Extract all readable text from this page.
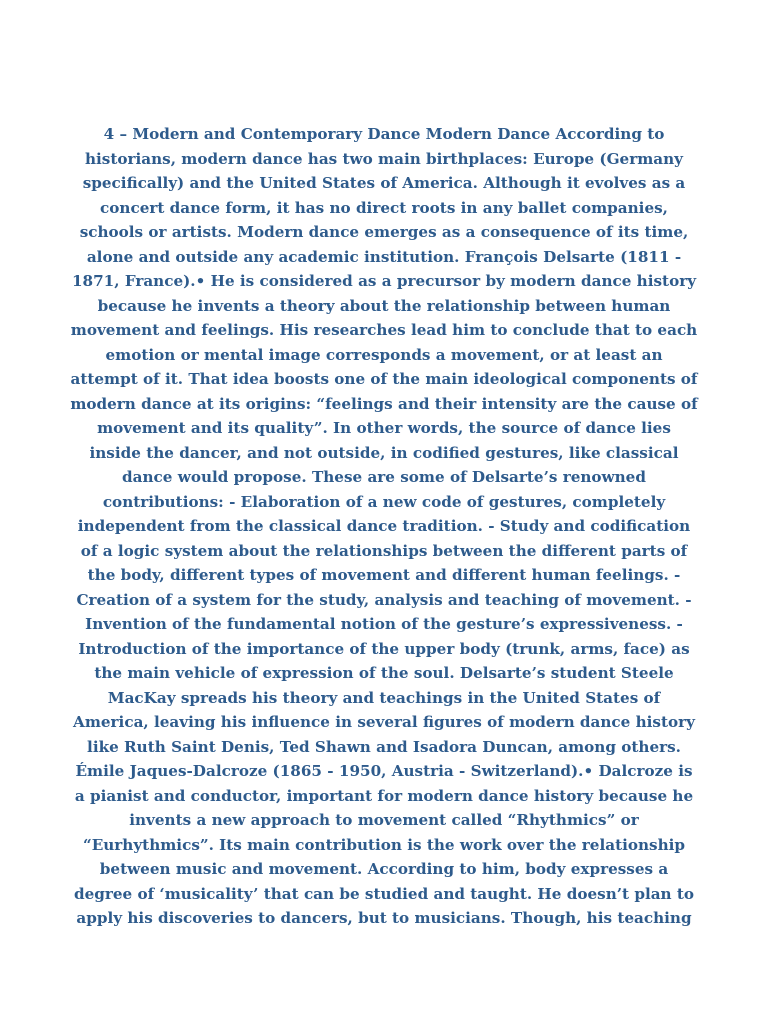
4 – Modern and Contemporary Dance Modern Dance According to
historians, modern dance has two main birthplaces: Europe (Germany
specifically) and the United States of America. Although it evolves as a
concert dance form, it has no direct roots in any ballet companies,
schools or artists. Modern dance emerges as a consequence of its time,
alone and outside any academic institution. François Delsarte (1811 -
1871, France).• He is considered as a precursor by modern dance history
because he invents a theory about the relationship between human
movement and feelings. His researches lead him to conclude that to each
emotion or mental image corresponds a movement, or at least an
attempt of it. That idea boosts one of the main ideological components of
modern dance at its origins: “feelings and their intensity are the cause of
movement and its quality”. In other words, the source of dance lies
inside the dancer, and not outside, in codified gestures, like classical
dance would propose. These are some of Delsarte’s renowned
contributions: - Elaboration of a new code of gestures, completely
independent from the classical dance tradition. - Study and codification
of a logic system about the relationships between the different parts of
the body, different types of movement and different human feelings. -
Creation of a system for the study, analysis and teaching of movement. -
Invention of the fundamental notion of the gesture’s expressiveness. -
Introduction of the importance of the upper body (trunk, arms, face) as
the main vehicle of expression of the soul. Delsarte’s student Steele
MacKay spreads his theory and teachings in the United States of
America, leaving his influence in several figures of modern dance history
like Ruth Saint Denis, Ted Shawn and Isadora Duncan, among others.
Émile Jaques-Dalcroze (1865 - 1950, Austria - Switzerland).• Dalcroze is
a pianist and conductor, important for modern dance history because he
invents a new approach to movement called “Rhythmics” or
“Eurhythmics”. Its main contribution is the work over the relationship
between music and movement. According to him, body expresses a
degree of ‘musicality’ that can be studied and taught. He doesn’t plan to
apply his discoveries to dancers, but to musicians. Though, his teaching
